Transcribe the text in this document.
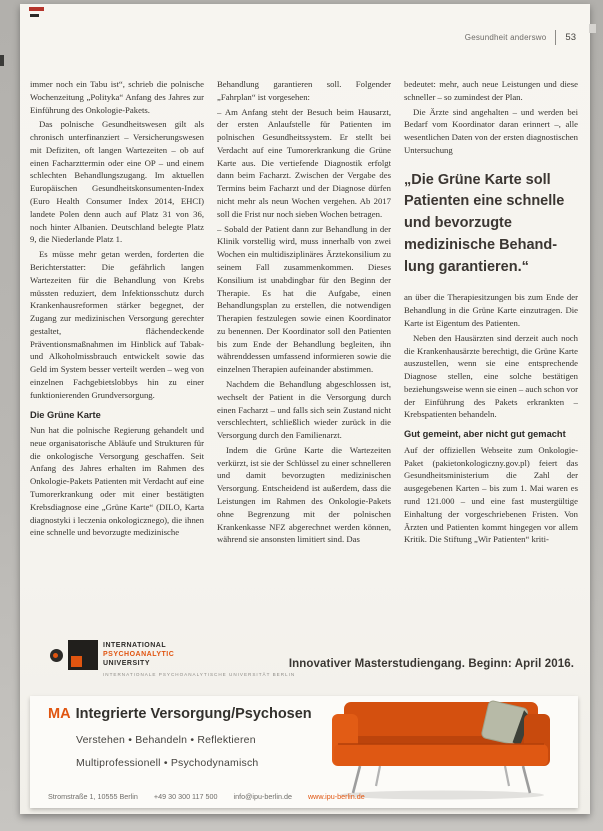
Gesundheit anderswo 53

immer noch ein Tabu ist“, schrieb die polnische Wochenzeitung „Polityka“ Anfang des Jahres zur Einführung des Onkologie-Pakets.

Das polnische Gesundheitswesen gilt als chronisch unterfinanziert – Versicherungswesen mit Defiziten, oft langen Wartezeiten – ob auf einen Facharzttermin oder eine OP – und einem schlechten Behandlungszugang. Im aktuellen Europäischen Gesundheitskonsumenten-Index (Euro Health Consumer Index 2014, EHCI) landete Polen denn auch auf Platz 31 von 36, noch hinter Albanien. Deutschland belegte Platz 9, die Niederlande Platz 1.

Es müsse mehr getan werden, forderten die Berichterstatter: Die gefährlich langen Wartezeiten für die Behandlung von Krebs müssten reduziert, dem Infektionsschutz durch Krankenhausreformen stärker begegnet, der Zugang zur medizinischen Versorgung gerechter gestaltet, flächendeckende Präventionsmaßnahmen im Hinblick auf Tabak- und Alkoholmissbrauch entwickelt sowie das Geld im System besser verteilt werden – weg von einzelnen Fachgebietslobbys hin zu einer funktionierenden Grundversorgung.

Die Grüne Karte

Nun hat die polnische Regierung gehandelt und neue organisatorische Abläufe und Strukturen für die onkologische Versorgung geschaffen. Seit Anfang des Jahres erhalten im Rahmen des Onkologie-Pakets Patienten mit Verdacht auf eine Tumorerkrankung oder mit einer bestätigten Krebsdiagnose eine „Grüne Karte“ (DILO, Karta diagnostyki i leczenia onkologicznego), die ihnen eine schnelle und bevorzugte medizinische

Behandlung garantieren soll. Folgender „Fahrplan“ ist vorgesehen:

– Am Anfang steht der Besuch beim Hausarzt, der ersten Anlaufstelle für Patienten im polnischen Gesundheitssystem. Er stellt bei Verdacht auf eine Tumorerkrankung die Grüne Karte aus. Die vertiefende Diagnostik erfolgt dann beim Facharzt. Zwischen der Vergabe des Termins beim Facharzt und der Diagnose dürfen nicht mehr als neun Wochen vergehen. Ab 2017 soll die Frist nur noch sieben Wochen betragen.

– Sobald der Patient dann zur Behandlung in der Klinik vorstellig wird, muss innerhalb von zwei Wochen ein multidisziplinäres Ärztekonsilium zu seinem Fall zusammenkommen. Dieses Konsilium ist unabdingbar für den Beginn der Therapie. Es hat die Aufgabe, einen Behandlungsplan zu erstellen, die notwendigen Therapien festzulegen sowie einen Koordinator zu benennen. Der Koordinator soll den Patienten bis zum Ende der Behandlung begleiten, ihn währenddessen umfassend informieren sowie die einzelnen Therapien aufeinander abstimmen.

Nachdem die Behandlung abgeschlossen ist, wechselt der Patient in die Versorgung durch einen Facharzt – und falls sich sein Zustand nicht verschlechtert, schließlich wieder zurück in die Versorgung durch den Familienarzt.

Indem die Grüne Karte die Wartezeiten verkürzt, ist sie der Schlüssel zu einer schnelleren und damit bevorzugten medizinischen Versorgung. Entscheidend ist außerdem, dass die Leistungen im Rahmen des Onkologie-Pakets ohne Begrenzung mit der polnischen Krankenkasse NFZ abgerechnet werden können, während sie ansonsten limitiert sind. Das

bedeutet: mehr, auch neue Leistungen und diese schneller – so zumindest der Plan.

Die Ärzte sind angehalten – und werden bei Bedarf vom Koordinator daran erinnert –, alle wesentlichen Daten von der ersten diagnostischen Untersuchung

„Die Grüne Karte soll Patienten eine schnelle und bevorzugte medizinische Behandlung garantieren.“

an über die Therapiesitzungen bis zum Ende der Behandlung in die Grüne Karte einzutragen. Die Karte ist Eigentum des Patienten.

Neben den Hausärzten sind derzeit auch noch die Krankenhausärzte berechtigt, die Grüne Karte auszustellen, wenn sie eine entsprechende Diagnose stellen, eine solche bestätigen beziehungsweise wenn sie einen – auch schon vor der Einführung des Pakets erkrankten – Krebspatienten behandeln.

Gut gemeint, aber nicht gut gemacht

Auf der offiziellen Webseite zum Onkologie-Paket (pakietonkologiczny.gov.pl) feiert das Gesundheitsministerium die Zahl der ausgegebenen Karten – bis zum 1. Mai waren es rund 121.000 – und eine fast mustergültige Einhaltung der vorgeschriebenen Fristen. Von Ärzten und Patienten kommt hingegen vor allem Kritik. Die Stiftung „Wir Patienten“ kriti-

INTERNATIONAL
PSYCHOANALYTIC
UNIVERSITY
INTERNATIONALE PSYCHOANALYTISCHE UNIVERSITÄT BERLIN
Innovativer Masterstudiengang. Beginn: April 2016.
MA Integrierte Versorgung/Psychosen
Verstehen • Behandeln • Reflektieren
Multiprofessionell • Psychodynamisch
Stromstraße 1, 10555 Berlin +49 30 300 117 500 info@ipu-berlin.de www.ipu-berlin.de
